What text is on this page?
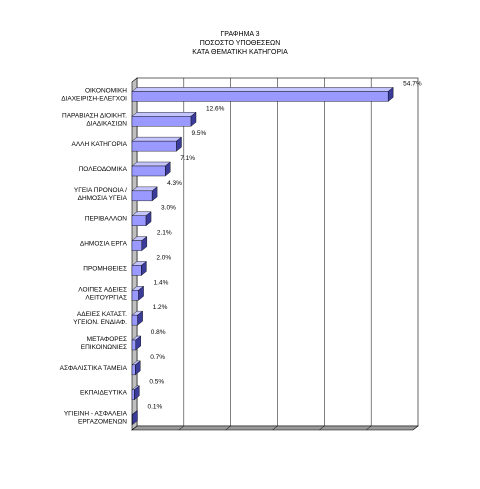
ΓΡΑΦΗΜΑ 3
ΠΟΣΟΣΤΟ ΥΠΟΘΕΣΕΩΝ
ΚΑΤΑ ΘΕΜΑΤΙΚΗ ΚΑΤΗΓΟΡΙΑ
54.7%
ΟΙΚΟΝΟΜΙΚΗ
ΔΙΑΧΕΙΡΙΣΗ-ΕΛΕΓΧΟΙ
12.6%
ΠΑΡΑΒΙΑΣΗ ΔΙΟΙΚΗΤ.
ΔΙΑΔΙΚΑΣΙΩΝ
9.5%
ΑΛΛΗ ΚΑΤΗΓΟΡΙΑ
7.1%
ΠΟΛΕΟΔΟΜΙΚΑ
4.3%
ΥΓΕΙΑ ΠΡΟΝΟΙΑ /
ΔΗΜΟΣΙΑ ΥΓΕΙΑ
3.0%
ΠΕΡΙΒΑΛΛΟΝ
2.1%
ΔΗΜΟΣΙΑ ΕΡΓΑ
2.0%
ΠΡΟΜΗΘΕΙΕΣ
1.4%
ΛΟΙΠΕΣ ΑΔΕΙΕΣ
ΛΕΙΤΟΥΡΓΙΑΣ
1.2%
ΑΔΕΙΕΣ ΚΑΤΑΣΤ.
ΥΓΕΙΟΝ. ΕΝΔΙΑΦ.
0.8%
ΜΕΤΑΦΟΡΕΣ
ΕΠΙΚΟΙΝΩΝΙΕΣ
0.7%
ΑΣΦΑΛΙΣΤΙΚΑ ΤΑΜΕΙΑ
0.5%
ΕΚΠΑΙΔΕΥΤΙΚΑ
0.1%
ΥΓΙΕΙΝΗ - ΑΣΦΑΛΕΙΑ
ΕΡΓΑΖΟΜΕΝΩΝ
